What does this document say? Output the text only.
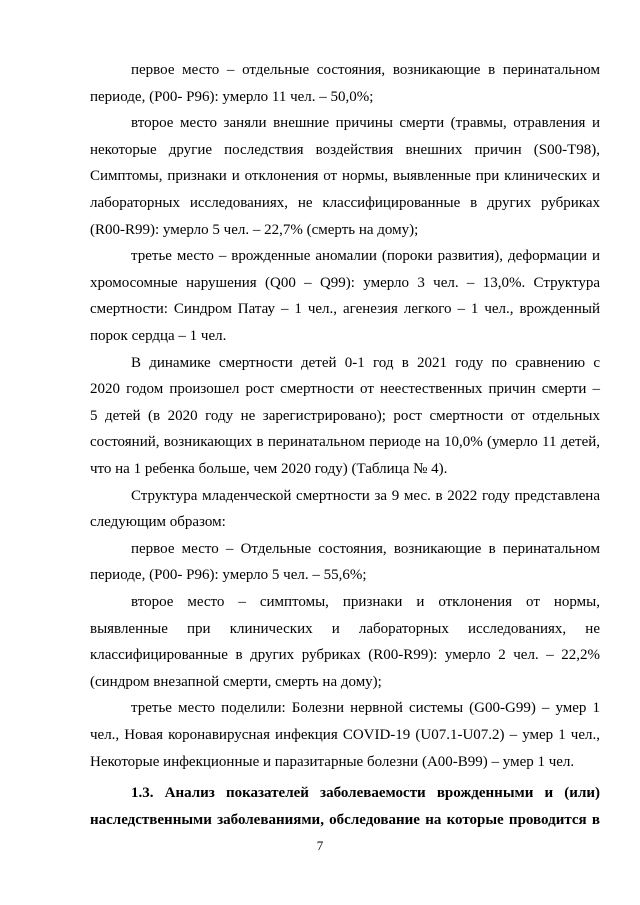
первое место – отдельные состояния, возникающие в перинатальном
периоде, (P00- P96): умерло 11 чел. – 50,0%;
второе место заняли внешние причины смерти (травмы, отравления и
некоторые другие последствия воздействия внешних причин (S00-T98),
Симптомы, признаки и отклонения от нормы, выявленные при клинических и
лабораторных исследованиях, не классифицированные в других рубриках
(R00-R99): умерло 5 чел. – 22,7% (смерть на дому);
третье место – врожденные аномалии (пороки развития), деформации и
хромосомные нарушения (Q00 – Q99): умерло 3 чел. – 13,0%. Структура
смертности: Синдром Патау – 1 чел., агенезия легкого – 1 чел., врожденный
порок сердца – 1 чел.
В динамике смертности детей 0-1 год в 2021 году по сравнению с
2020 годом произошел рост смертности от неестественных причин смерти –
5 детей (в 2020 году не зарегистрировано); рост смертности от отдельных
состояний, возникающих в перинатальном периоде на 10,0% (умерло 11 детей,
что на 1 ребенка больше, чем 2020 году) (Таблица № 4).
Структура младенческой смертности за 9 мес. в 2022 году представлена
следующим образом:
первое место – Отдельные состояния, возникающие в перинатальном
периоде, (P00- P96): умерло 5 чел. – 55,6%;
второе место – симптомы, признаки и отклонения от нормы,
выявленные при клинических и лабораторных исследованиях, не
классифицированные в других рубриках (R00-R99): умерло 2 чел. – 22,2%
(синдром внезапной смерти, смерть на дому);
третье место поделили: Болезни нервной системы (G00-G99) – умер 1
чел., Новая коронавирусная инфекция COVID-19 (U07.1-U07.2) – умер 1 чел.,
Некоторые инфекционные и паразитарные болезни (A00-B99) – умер 1 чел.
1.3. Анализ показателей заболеваемости врожденными и (или)
наследственными заболеваниями, обследование на которые проводится в
7
